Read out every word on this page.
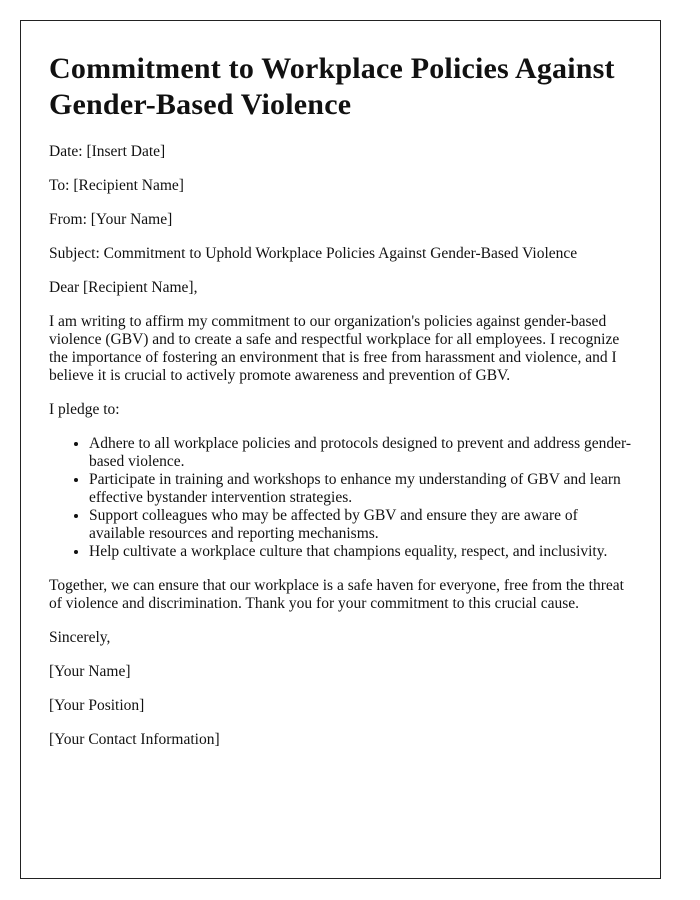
Commitment to Workplace Policies Against Gender-Based Violence

Date: [Insert Date]

To: [Recipient Name]

From: [Your Name]

Subject: Commitment to Uphold Workplace Policies Against Gender-Based Violence

Dear [Recipient Name],

I am writing to affirm my commitment to our organization's policies against gender-based violence (GBV) and to create a safe and respectful workplace for all employees. I recognize the importance of fostering an environment that is free from harassment and violence, and I believe it is crucial to actively promote awareness and prevention of GBV.

I pledge to:

• Adhere to all workplace policies and protocols designed to prevent and address gender-based violence.
• Participate in training and workshops to enhance my understanding of GBV and learn effective bystander intervention strategies.
• Support colleagues who may be affected by GBV and ensure they are aware of available resources and reporting mechanisms.
• Help cultivate a workplace culture that champions equality, respect, and inclusivity.

Together, we can ensure that our workplace is a safe haven for everyone, free from the threat of violence and discrimination. Thank you for your commitment to this crucial cause.

Sincerely,

[Your Name]

[Your Position]

[Your Contact Information]
